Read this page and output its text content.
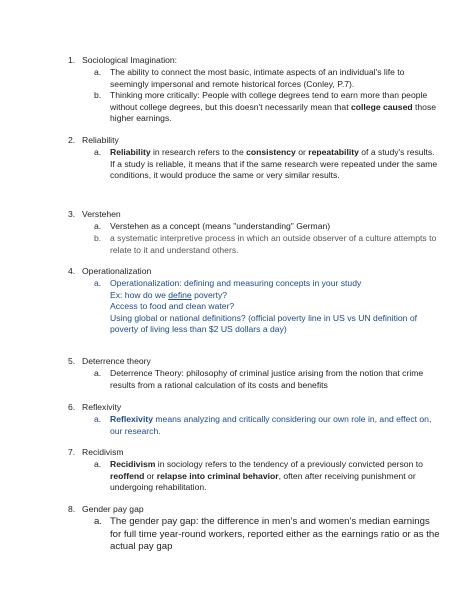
1. Sociological Imagination:
a.	The ability to connect the most basic, intimate aspects of an individual's life to seemingly impersonal and remote historical forces (Conley, P.7).
b.	Thinking more critically: People with college degrees tend to earn more than people without college degrees, but this doesn't necessarily mean that college caused those higher earnings.
2. Reliability
a.	Reliability in research refers to the consistency or repeatability of a study's results. If a study is reliable, it means that if the same research were repeated under the same conditions, it would produce the same or very similar results.
3. Verstehen
a.	Verstehen as a concept (means "understanding" German)
b.	a systematic interpretive process in which an outside observer of a culture attempts to relate to it and understand others.
4. Operationalization
a.	Operationalization: defining and measuring concepts in your study
Ex: how do we define poverty?
Access to food and clean water?
Using global or national definitions? (official poverty line in US vs UN definition of poverty of living less than $2 US dollars a day)
5. Deterrence theory
a.	Deterrence Theory: philosophy of criminal justice arising from the notion that crime results from a rational calculation of its costs and benefits
6. Reflexivity
a.	Reflexivity means analyzing and critically considering our own role in, and effect on, our research.
7. Recidivism
a.	Recidivism in sociology refers to the tendency of a previously convicted person to reoffend or relapse into criminal behavior, often after receiving punishment or undergoing rehabilitation.
8. Gender pay gap
a. The gender pay gap: the difference in men's and women's median earnings for full time year-round workers, reported either as the earnings ratio or as the actual pay gap
